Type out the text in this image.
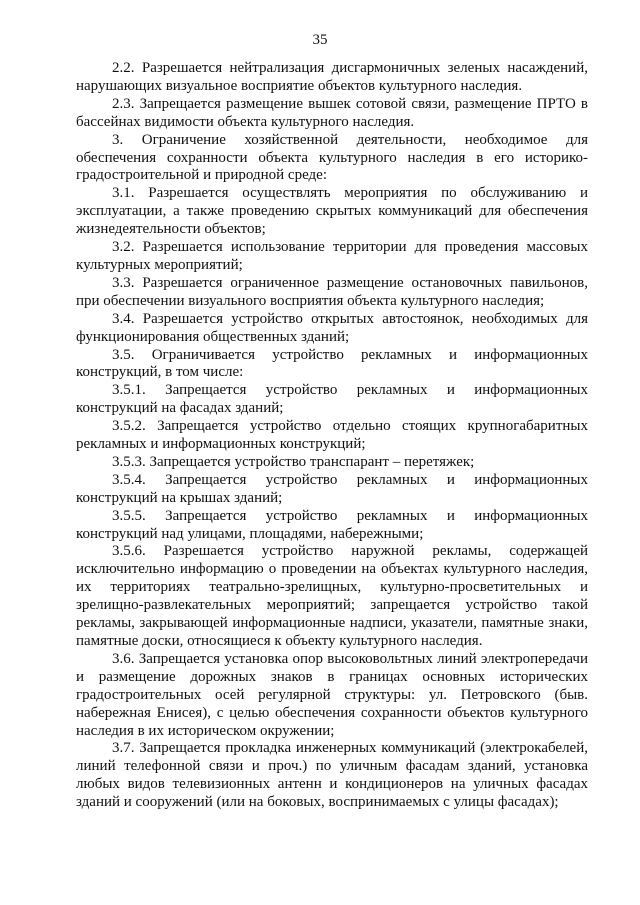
35

2.2. Разрешается нейтрализация дисгармоничных зеленых насаждений, нарушающих визуальное восприятие объектов культурного наследия.

2.3. Запрещается размещение вышек сотовой связи, размещение ПРТО в бассейнах видимости объекта культурного наследия.

3. Ограничение хозяйственной деятельности, необходимое для обеспечения сохранности объекта культурного наследия в его историко-градостроительной и природной среде:

3.1. Разрешается осуществлять мероприятия по обслуживанию и эксплуатации, а также проведению скрытых коммуникаций для обеспечения жизнедеятельности объектов;

3.2. Разрешается использование территории для проведения массовых культурных мероприятий;

3.3. Разрешается ограниченное размещение остановочных павильонов, при обеспечении визуального восприятия объекта культурного наследия;

3.4. Разрешается устройство открытых автостоянок, необходимых для функционирования общественных зданий;

3.5. Ограничивается устройство рекламных и информационных конструкций, в том числе:

3.5.1. Запрещается устройство рекламных и информационных конструкций на фасадах зданий;

3.5.2. Запрещается устройство отдельно стоящих крупногабаритных рекламных и информационных конструкций;

3.5.3. Запрещается устройство транспарант – перетяжек;

3.5.4. Запрещается устройство рекламных и информационных конструкций на крышах зданий;

3.5.5. Запрещается устройство рекламных и информационных конструкций над улицами, площадями, набережными;

3.5.6. Разрешается устройство наружной рекламы, содержащей исключительно информацию о проведении на объектах культурного наследия, их территориях театрально-зрелищных, культурно-просветительных и зрелищно-развлекательных мероприятий; запрещается устройство такой рекламы, закрывающей информационные надписи, указатели, памятные знаки, памятные доски, относящиеся к объекту культурного наследия.

3.6. Запрещается установка опор высоковольтных линий электропередачи и размещение дорожных знаков в границах основных исторических градостроительных осей регулярной структуры: ул. Петровского (быв. набережная Енисея), с целью обеспечения сохранности объектов культурного наследия в их историческом окружении;

3.7. Запрещается прокладка инженерных коммуникаций (электрокабелей, линий телефонной связи и проч.) по уличным фасадам зданий, установка любых видов телевизионных антенн и кондиционеров на уличных фасадах зданий и сооружений (или на боковых, воспринимаемых с улицы фасадах);
